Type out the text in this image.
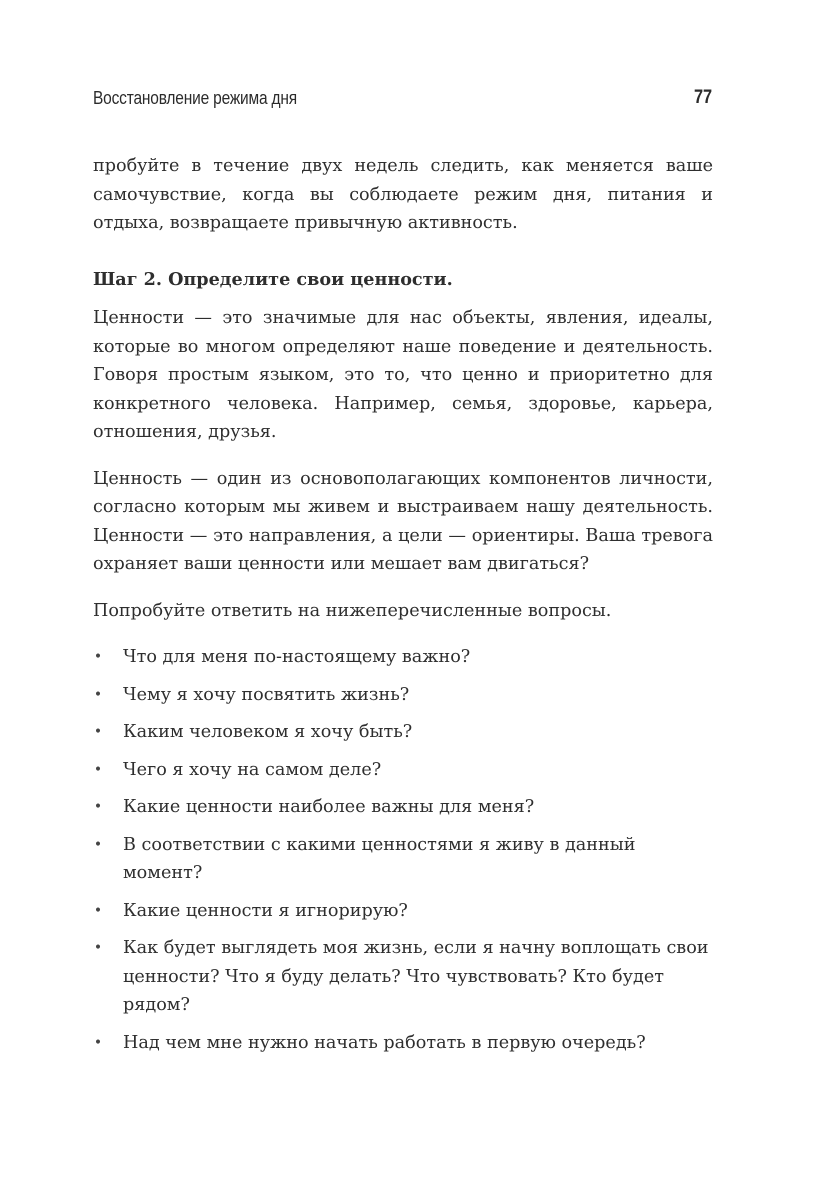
Восстановление режима дня	77

пробуйте в течение двух недель следить, как меняется ваше самочувствие, когда вы соблюдаете режим дня, питания и отдыха, возвращаете привычную активность.

Шаг 2. Определите свои ценности.

Ценности — это значимые для нас объекты, явления, идеалы, которые во многом определяют наше поведение и деятельность. Говоря простым языком, это то, что ценно и приоритетно для конкретного человека. Например, семья, здоровье, карьера, отношения, друзья.

Ценность — один из основополагающих компонентов личности, согласно которым мы живем и выстраиваем нашу деятельность. Ценности — это направления, а цели — ориентиры. Ваша тревога охраняет ваши ценности или мешает вам двигаться?

Попробуйте ответить на нижеперечисленные вопросы.

• Что для меня по-настоящему важно?
• Чему я хочу посвятить жизнь?
• Каким человеком я хочу быть?
• Чего я хочу на самом деле?
• Какие ценности наиболее важны для меня?
• В соответствии с какими ценностями я живу в данный момент?
• Какие ценности я игнорирую?
• Как будет выглядеть моя жизнь, если я начну воплощать свои ценности? Что я буду делать? Что чувствовать? Кто будет рядом?
• Над чем мне нужно начать работать в первую очередь?
